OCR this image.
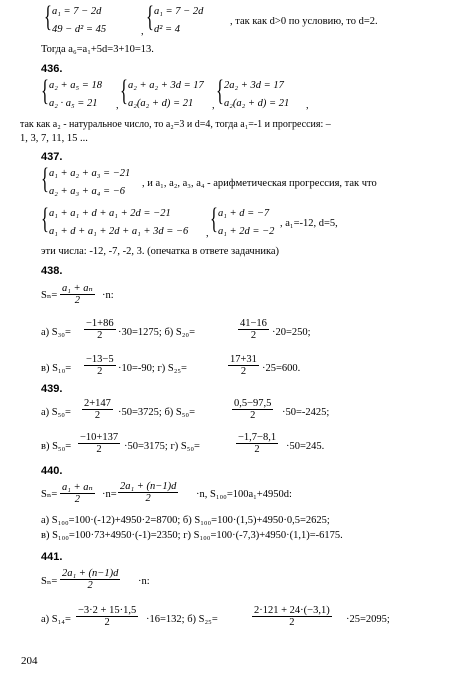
{ a₁ = 7 − 2d
49 − d² = 45	, { a₁ = 7 − 2d
d² = 4
, так как d>0 по условию, то d=2.
Тогда a₆=a₁+5d=3+10=13.
436.
{ a₂ + a₅ = 18
a₂ · a₅ = 21 , { a₂ + a₂ + 3d = 17
a₂(a₂ + d) = 21 , { 2a₂ + 3d = 17
a₂(a₂ + d) = 21 ,
так как a₂ - натуральное число, то a₂=3 и d=4, тогда a₁=-1 и прогрессия: –
1, 3, 7, 11, 15 ...
437.
{ a₁ + a₂ + a₃ = −21
a₂ + a₃ + a₄ = −6
, и a₁, a₂, a₃, a₄ - арифметическая прогрессия, так что
{ a₁ + a₁ + d + a₁ + 2d = −21
a₁ + d + a₁ + 2d + a₁ + 3d = −6 , { a₁ + d = −7
a₁ + 2d = −2
, a₁=-12, d=5,
эти числа: -12, -7, -2, 3. (опечатка в ответе задачника)
438.
$S_n= \frac{\text{a₁ + aₙ}}{2} \cdot n$:
а) $S_{30}= \frac{-1+86}{2} \cdot 30=1275$; б) S₂₀=	$\frac{41-16}{2} \cdot 20=250$;
в) $S_{10}= \frac{-13-5}{2} \cdot 10=-90$; г) S₂₅=	$\frac{17+31}{2} \cdot 25=600$.
439.
а) $S_{50}= \frac{2+147}{2} \cdot 50=3725$; б) S₅₀=	$\frac{0,5-97,5}{2} \cdot 50=-2425$;
в) $S_{50}= \frac{-10+137}{2} \cdot 50=3175$; г) S₅₀=	$\frac{-1,7-8,1}{2} \cdot 50=245$.
440.
$S_n= \frac{\text{a₁ + aₙ}}{2} \cdot n= \frac{\text{2a₁ + (n−1)d}}{2} \cdot n$, S₁₀₀=100a₁+4950d:
а) S₁₀₀=100·(-12)+4950·2=8700; б) S₁₀₀=100·(1,5)+4950·0,5=2625;
в) S₁₀₀=100·73+4950·(-1)=2350; г) S₁₀₀=100·(-7,3)+4950·(1,1)=-6175.
441.
$S_n= \frac{\text{2a₁ + (n−1)d}}{2} \cdot n$:
а) $S_{14}= \frac{-3\cdot 2 + 15\cdot 1,5}{2} \cdot 16=132$; б) S₂₅=	$\frac{2\cdot 121 + 24\cdot(-3,1)}{2} \cdot 25=2095$;
204
